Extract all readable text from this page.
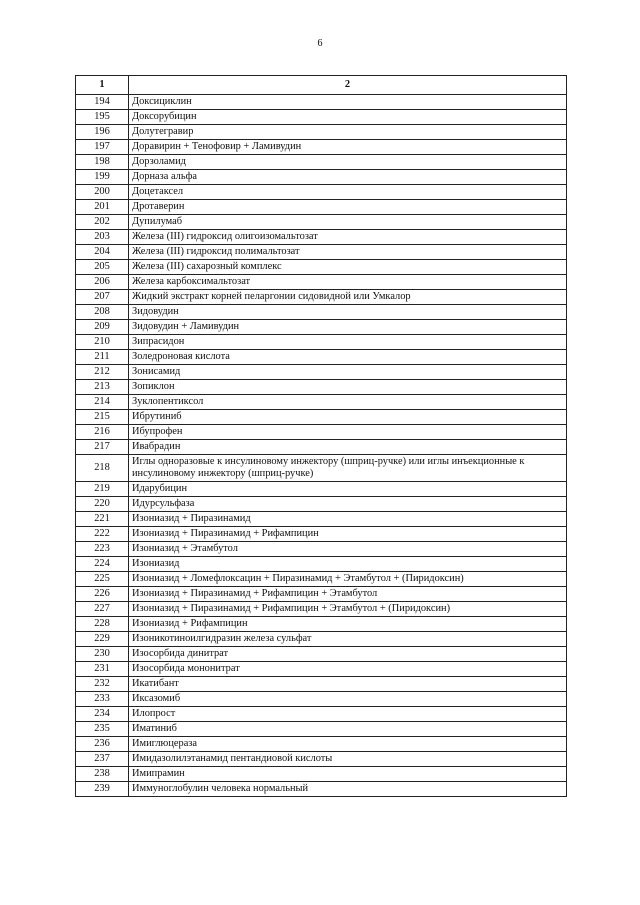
6
1	2
194	Доксициклин
195	Доксорубицин
196	Долутегравир
197	Доравирин + Тенофовир + Ламивудин
198	Дорзоламид
199	Дорназа альфа
200	Доцетаксел
201	Дротаверин
202	Дупилумаб
203	Железа (III) гидроксид олигоизомальтозат
204	Железа (III) гидроксид полимальтозат
205	Железа (III) сахарозный комплекс
206	Железа карбоксимальтозат
207	Жидкий экстракт корней пеларгонии сидовидной или Умкалор
208	Зидовудин
209	Зидовудин + Ламивудин
210	Зипрасидон
211	Золедроновая кислота
212	Зонисамид
213	Зопиклон
214	Зуклопентиксол
215	Ибрутиниб
216	Ибупрофен
217	Ивабрадин
218	Иглы одноразовые к инсулиновому инжектору (шприц-ручке) или иглы инъекционные к инсулиновому инжектору (шприц-ручке)
219	Идарубицин
220	Идурсульфаза
221	Изониазид + Пиразинамид
222	Изониазид + Пиразинамид + Рифампицин
223	Изониазид + Этамбутол
224	Изониазид
225	Изониазид + Ломефлоксацин + Пиразинамид + Этамбутол + (Пиридоксин)
226	Изониазид + Пиразинамид + Рифампицин + Этамбутол
227	Изониазид + Пиразинамид + Рифампицин + Этамбутол + (Пиридоксин)
228	Изониазид + Рифампицин
229	Изоникотиноилгидразин железа сульфат
230	Изосорбида динитрат
231	Изосорбида мононитрат
232	Икатибант
233	Иксазомиб
234	Илопрост
235	Иматиниб
236	Имиглюцераза
237	Имидазолилэтанамид пентандиовой кислоты
238	Имипрамин
239	Иммуноглобулин человека нормальный
